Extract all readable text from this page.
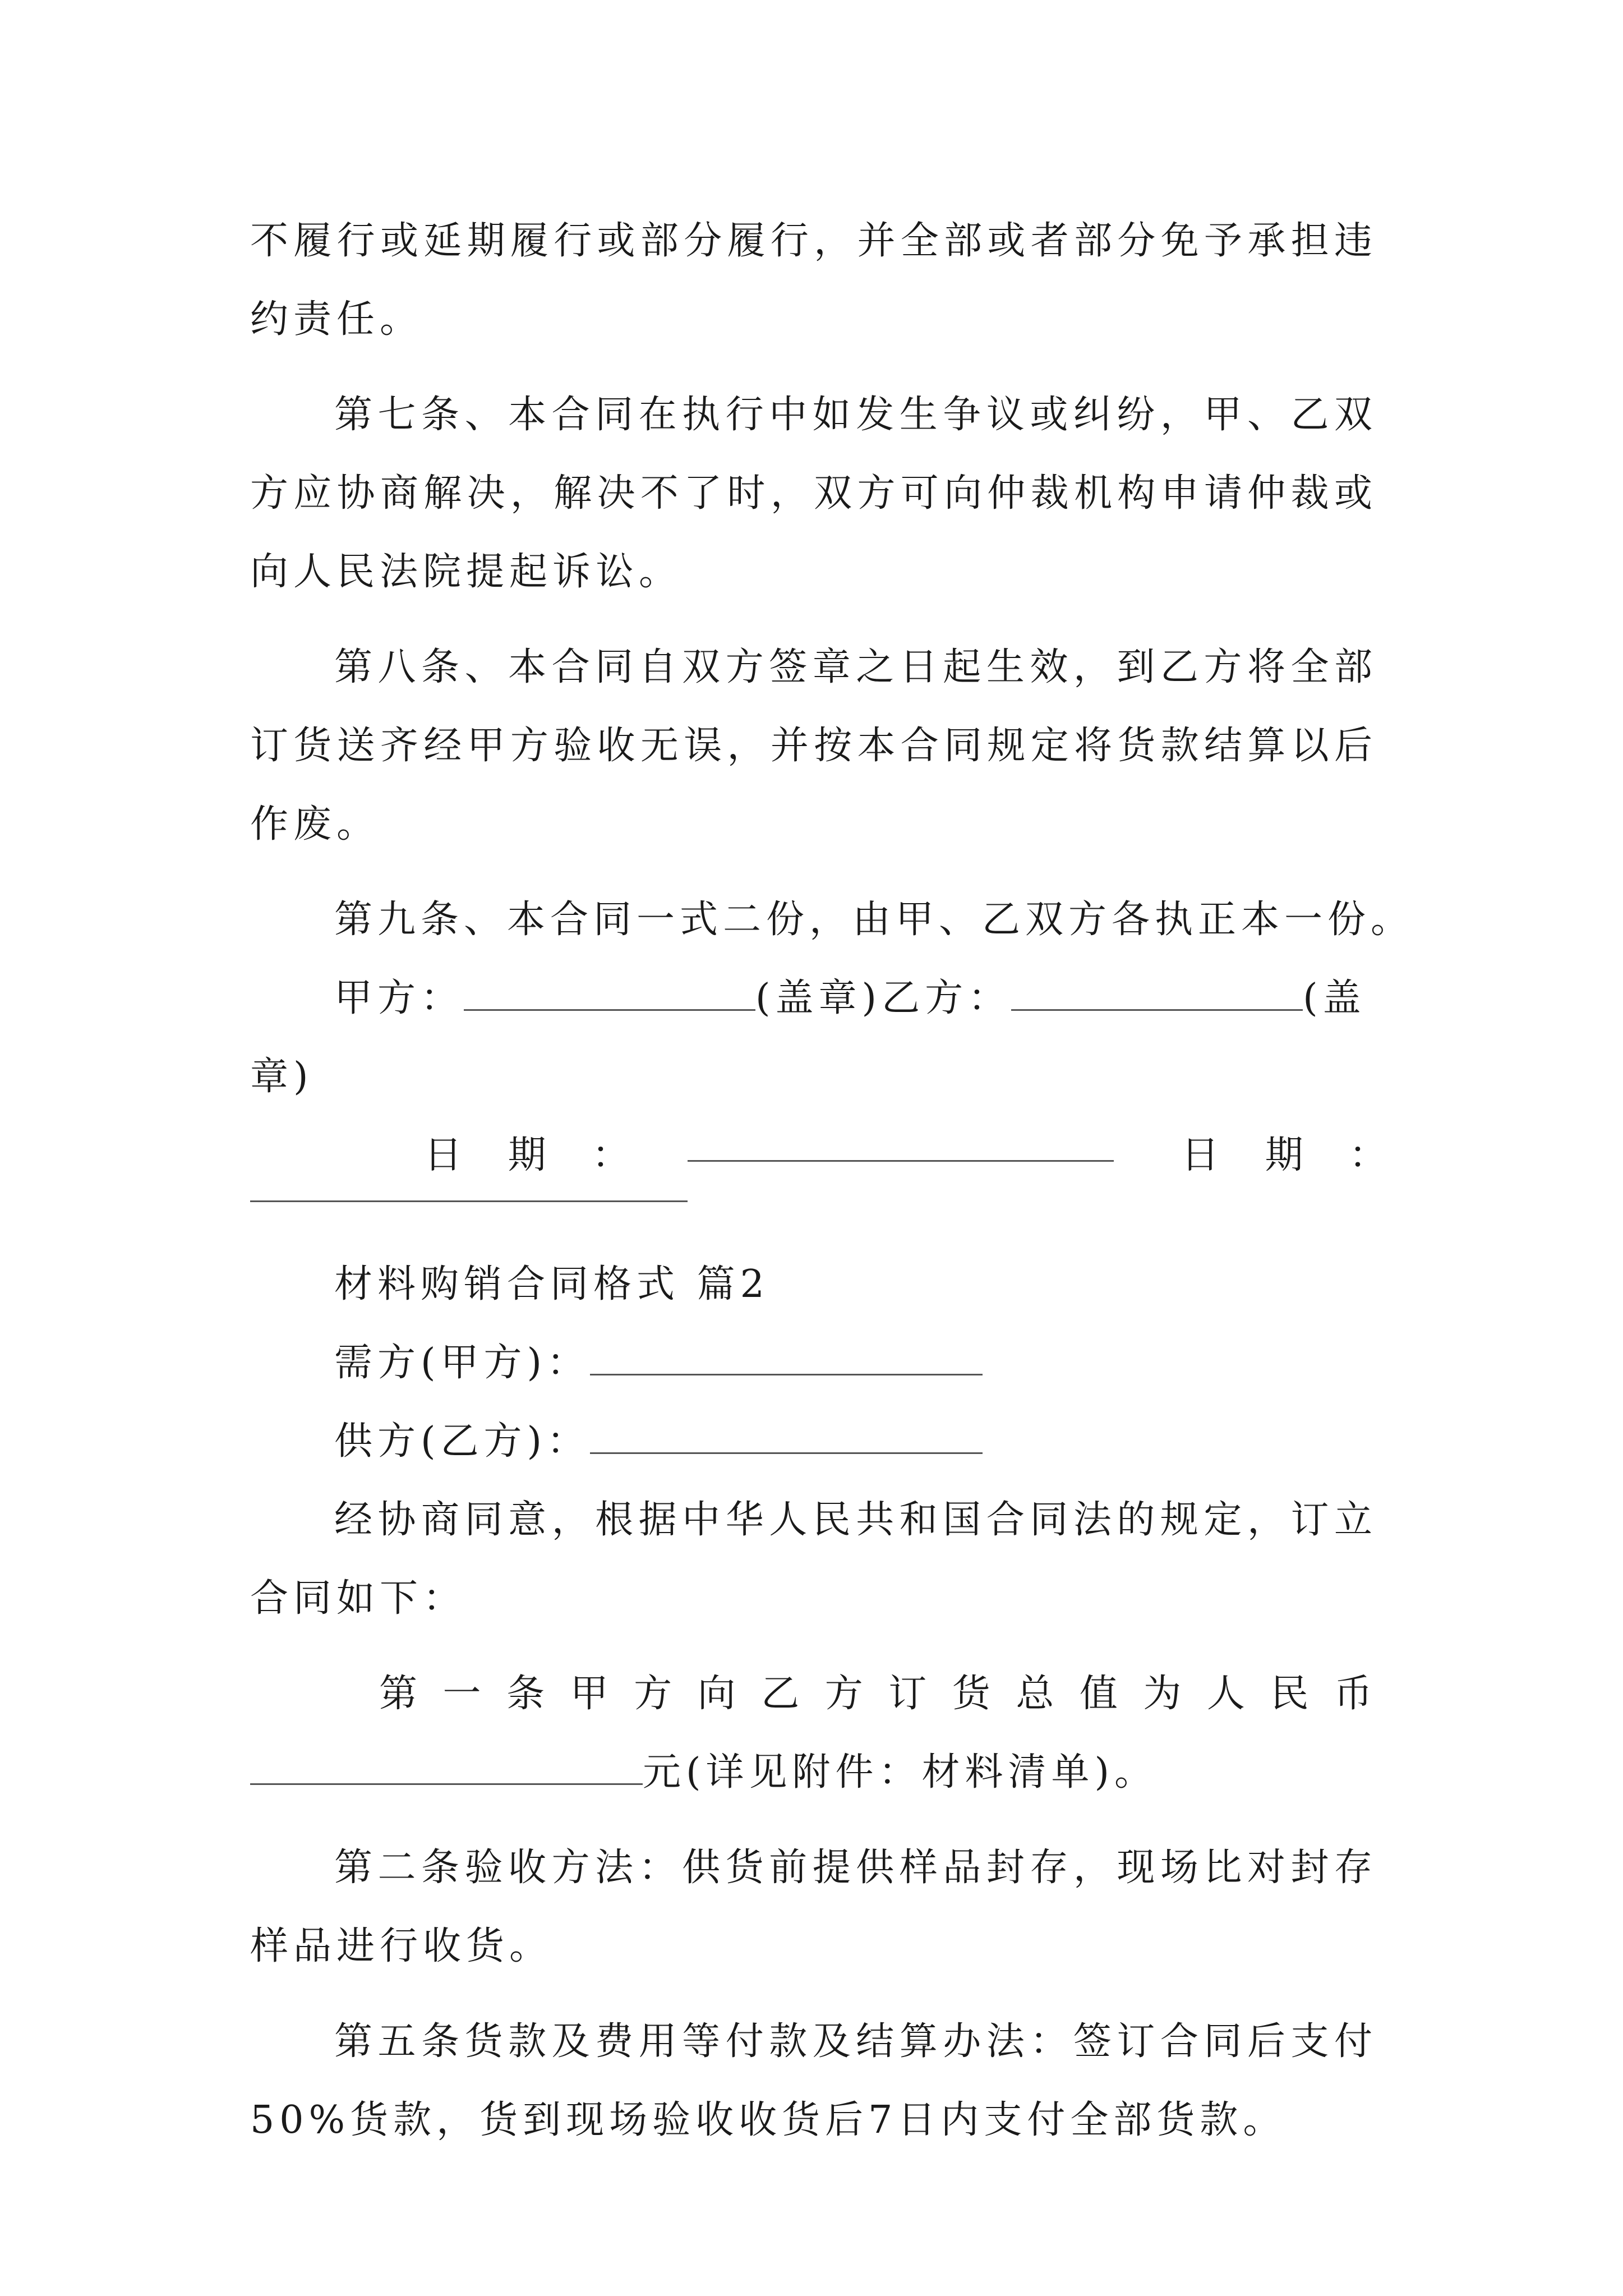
不履行或延期履行或部分履行，并全部或者部分免予承担违
约责任。
第七条、本合同在执行中如发生争议或纠纷，甲、乙双
方应协商解决，解决不了时，双方可向仲裁机构申请仲裁或
向人民法院提起诉讼。
第八条、本合同自双方签章之日起生效，到乙方将全部
订货送齐经甲方验收无误，并按本合同规定将货款结算以后
作废。
第九条、本合同一式二份，由甲、乙双方各执正本一份。
甲方：	(盖章)乙方：	(盖
章)
日 期 ：	日 期 ：
材料购销合同格式 篇2
需方(甲方)：
供方(乙方)：
经协商同意，根据中华人民共和国合同法的规定，订立
合同如下：
第 一 条 甲 方 向 乙 方 订 货 总 值 为 人 民 币
元(详见附件：材料清单)。
第二条验收方法：供货前提供样品封存，现场比对封存
样品进行收货。
第五条货款及费用等付款及结算办法：签订合同后支付
50%货款，货到现场验收收货后7日内支付全部货款。
